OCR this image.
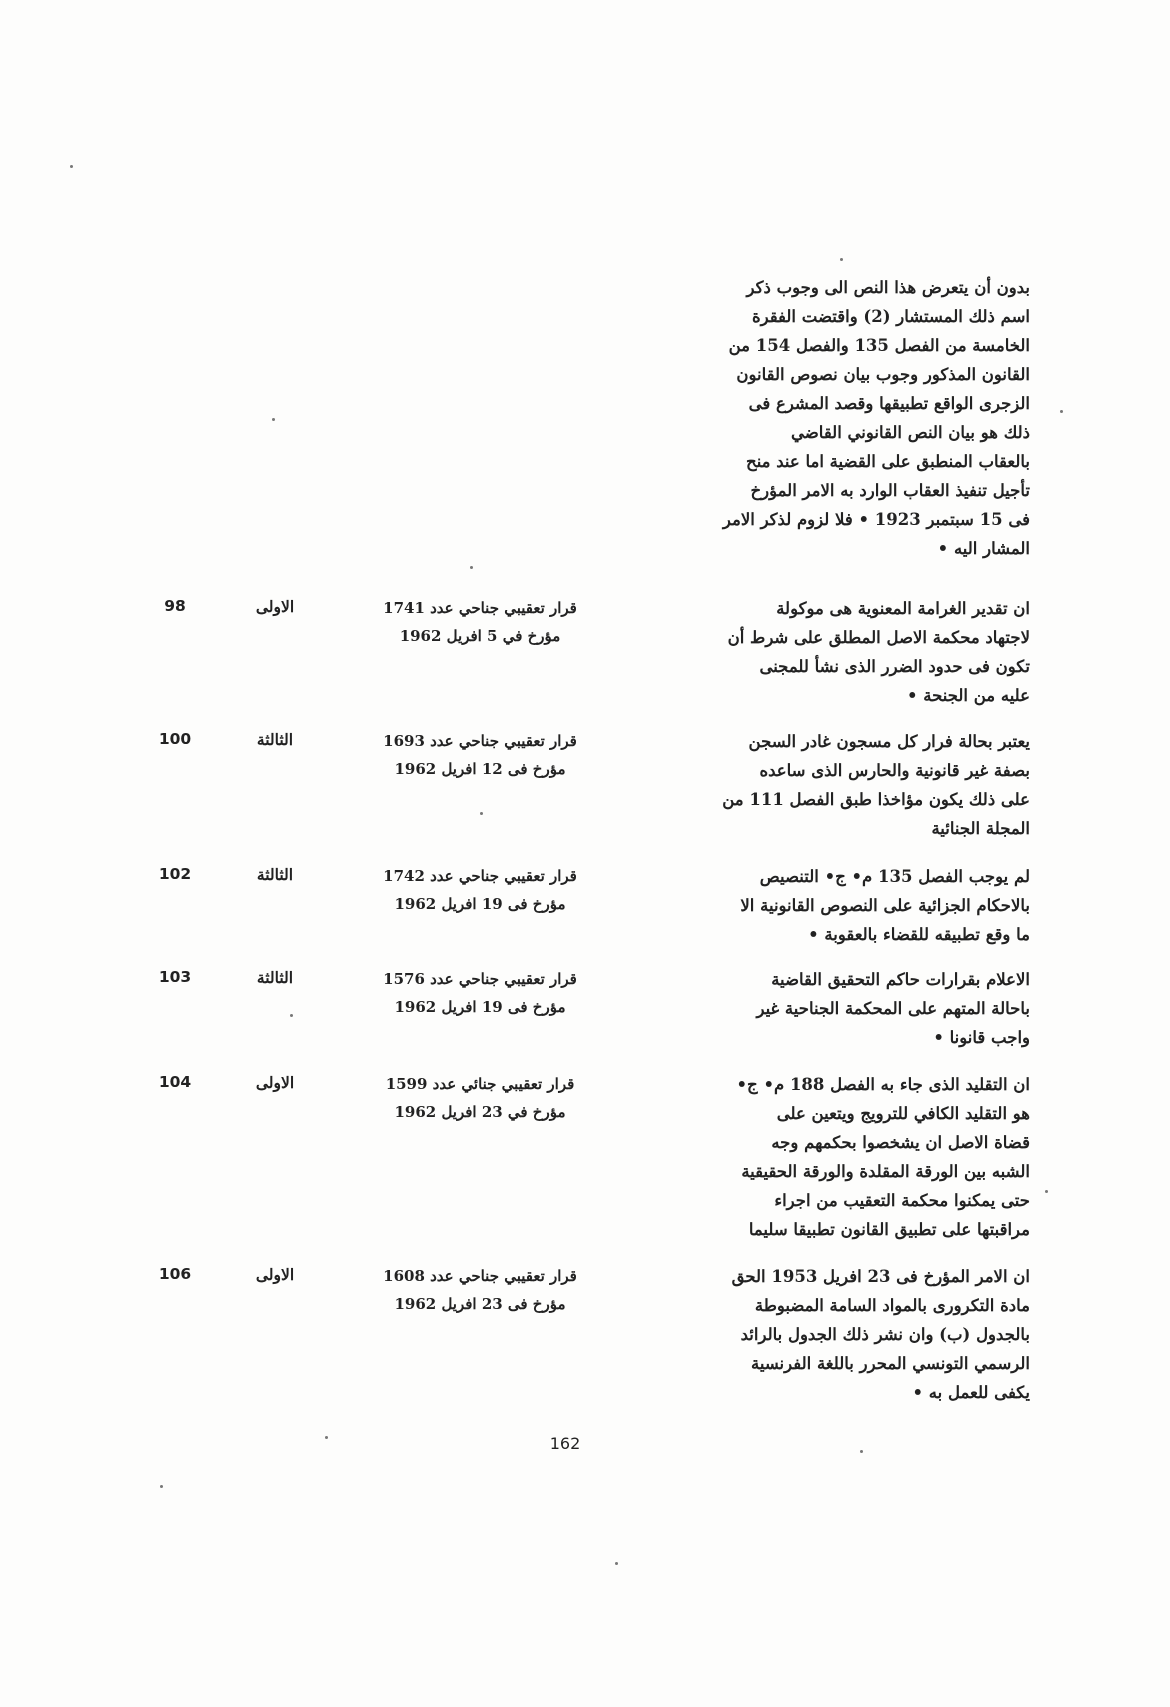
بدون أن يتعرض هذا النص الى وجوب ذكر
اسم ذلك المستشار (2) واقتضت الفقرة
الخامسة من الفصل 135 والفصل 154 من
القانون المذكور وجوب بيان نصوص القانون
الزجرى الواقع تطبيقها وقصد المشرع فى
ذلك هو بيان النص القانوني القاضي
بالعقاب المنطبق على القضية اما عند منح
تأجيل تنفيذ العقاب الوارد به الامر المؤرخ
فى 15 سبتمبر 1923 • فلا لزوم لذكر الامر
المشار اليه •
ان تقدير الغرامة المعنوية هى موكولة
لاجتهاد محكمة الاصل المطلق على شرط أن
تكون فى حدود الضرر الذى نشأ للمجنى
عليه من الجنحة •
قرار تعقيبي جناحي عدد 1741
مؤرخ في 5 افريل 1962
الاولى
98
يعتبر بحالة فرار كل مسجون غادر السجن
بصفة غير قانونية والحارس الذى ساعده
على ذلك يكون مؤاخذا طبق الفصل 111 من
المجلة الجنائية
قرار تعقيبي جناحي عدد 1693
مؤرخ فى 12 افريل 1962
الثالثة
100
لم يوجب الفصل 135 م• ج• التنصيص
بالاحكام الجزائية على النصوص القانونية الا
ما وقع تطبيقه للقضاء بالعقوبة •
قرار تعقيبي جناحي عدد 1742
مؤرخ فى 19 افريل 1962
الثالثة
102
الاعلام بقرارات حاكم التحقيق القاضية
باحالة المتهم على المحكمة الجناحية غير
واجب قانونا •
قرار تعقيبي جناحي عدد 1576
مؤرخ فى 19 افريل 1962
الثالثة
103
ان التقليد الذى جاء به الفصل 188 م• ج•
هو التقليد الكافي للترويج ويتعين على
قضاة الاصل ان يشخصوا بحكمهم وجه
الشبه بين الورقة المقلدة والورقة الحقيقية
حتى يمكنوا محكمة التعقيب من اجراء
مراقبتها على تطبيق القانون تطبيقا سليما
قرار تعقيبي جنائي عدد 1599
مؤرخ في 23 افريل 1962
الاولى
104
ان الامر المؤرخ فى 23 افريل 1953 الحق
مادة التكرورى بالمواد السامة المضبوطة
بالجدول (ب) وان نشر ذلك الجدول بالرائد
الرسمي التونسي المحرر باللغة الفرنسية
يكفى للعمل به •
قرار تعقيبي جناحي عدد 1608
مؤرخ فى 23 افريل 1962
الاولى
106
162
